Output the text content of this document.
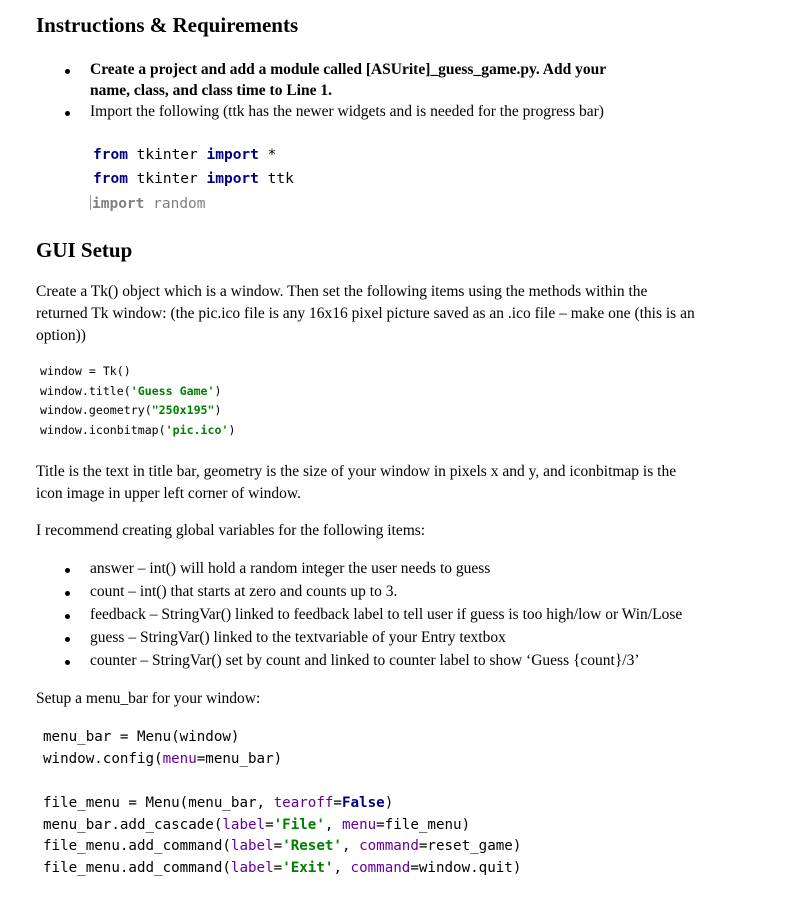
Instructions & Requirements
Create a project and add a module called [ASUrite]_guess_game.py. Add your
name, class, and class time to Line 1.
Import the following (ttk has the newer widgets and is needed for the progress bar)
from tkinter import *
from tkinter import ttk
import random
GUI Setup
Create a Tk() object which is a window. Then set the following items using the methods within the
returned Tk window: (the pic.ico file is any 16x16 pixel picture saved as an .ico file – make one (this is an
option))
window = Tk()
window.title('Guess Game')
window.geometry("250x195")
window.iconbitmap('pic.ico')
Title is the text in title bar, geometry is the size of your window in pixels x and y, and iconbitmap is the
icon image in upper left corner of window.
I recommend creating global variables for the following items:
answer – int() will hold a random integer the user needs to guess
count – int() that starts at zero and counts up to 3.
feedback – StringVar() linked to feedback label to tell user if guess is too high/low or Win/Lose
guess – StringVar() linked to the textvariable of your Entry textbox
counter – StringVar() set by count and linked to counter label to show ‘Guess {count}/3’
Setup a menu_bar for your window:
menu_bar = Menu(window)
window.config(menu=menu_bar)
file_menu = Menu(menu_bar, tearoff=False)
menu_bar.add_cascade(label='File', menu=file_menu)
file_menu.add_command(label='Reset', command=reset_game)
file_menu.add_command(label='Exit', command=window.quit)
